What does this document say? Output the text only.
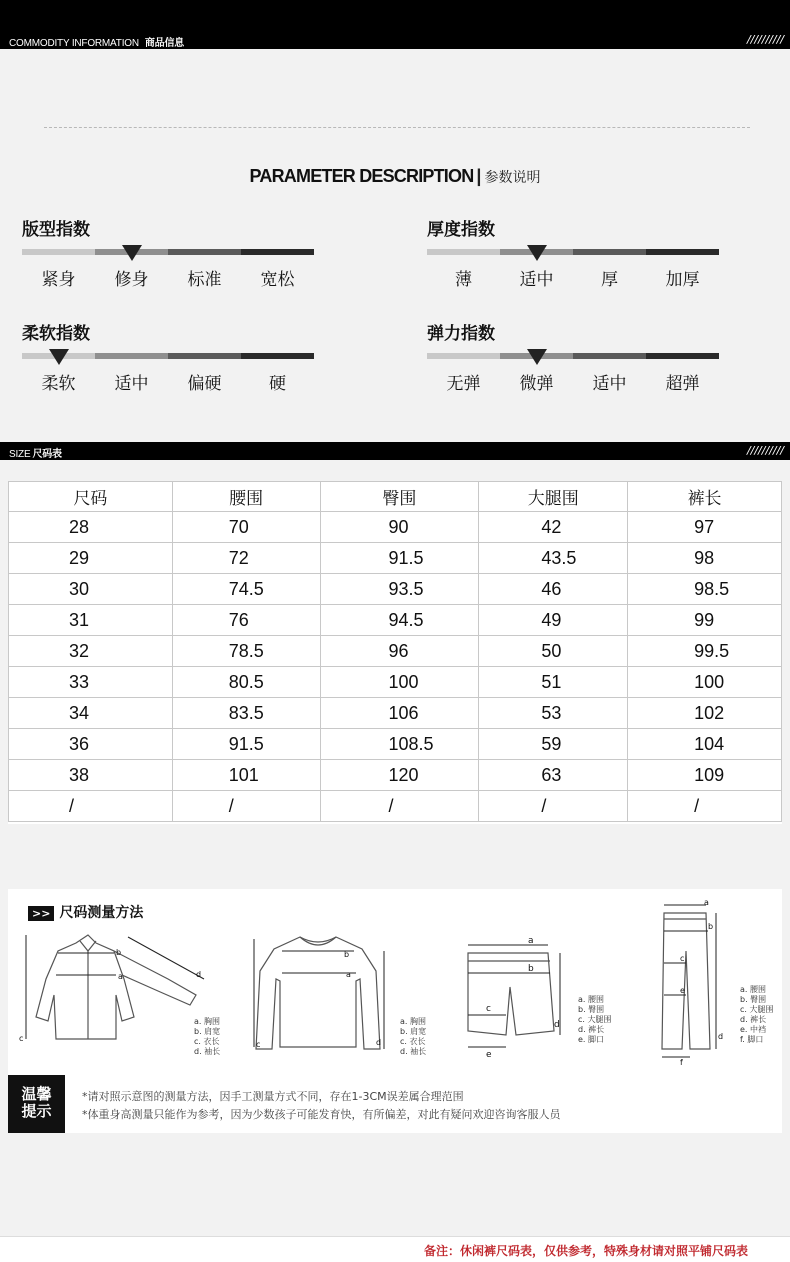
COMMODITY INFORMATION 商品信息	//////////
PARAMETER DESCRIPTION | 参数说明
版型指数
紧身	修身	标准	宽松
厚度指数
薄	适中	厚	加厚
柔软指数
柔软	适中	偏硬	硬
弹力指数
无弹	微弹	适中	超弹
SIZE 尺码表	//////////
尺码	腰围	臀围	大腿围	裤长
28	70	90	42	97
29	72	91.5	43.5	98
30	74.5	93.5	46	98.5
31	76	94.5	49	99
32	78.5	96	50	99.5
33	80.5	100	51	100
34	83.5	106	53	102
36	91.5	108.5	59	104
38	101	120	63	109
/	/	/	/	/
>> 尺码测量方法
b
a
c
d
a. 胸围
b. 肩宽
c. 衣长
d. 袖长
b
a
c	d
a. 胸围
b. 肩宽
c. 衣长
d. 袖长
a
b
c
d
e
a. 腰围
b. 臀围
c. 大腿围
d. 裤长
e. 脚口
a
b
c
d
e
f
a. 腰围
b. 臀围
c. 大腿围
d. 裤长
e. 中裆
f. 脚口
温馨
提示
*请对照示意图的测量方法，因手工测量方式不同，存在1-3CM误差属合理范围
*体重身高测量只能作为参考，因为少数孩子可能发育快，有所偏差，对此有疑问欢迎咨询客服人员
备注：休闲裤尺码表，仅供参考，特殊身材请对照平铺尺码表
